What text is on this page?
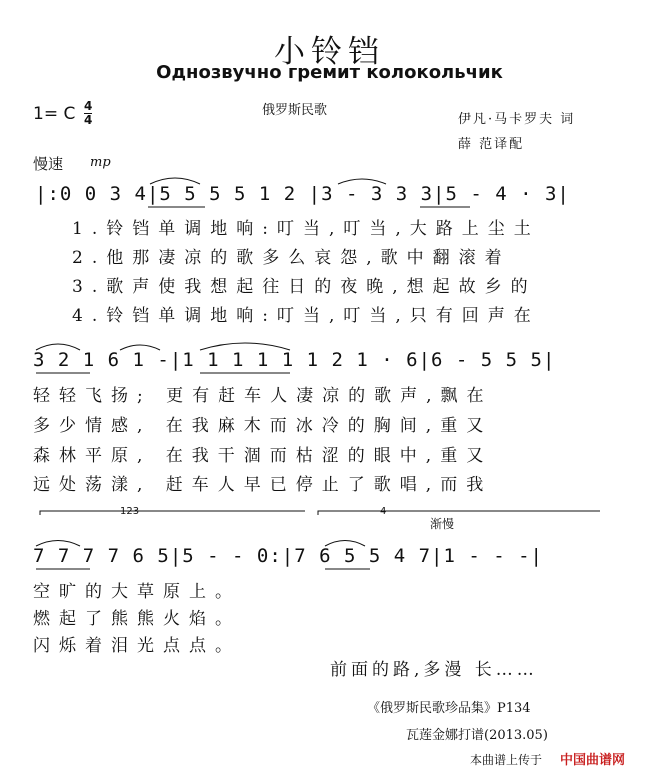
小铃铛
Однозвучно гремит колокольчик
俄罗斯民歌
伊凡·马卡罗夫 词
薛 范译配
1= C 4
4
慢速 mp
|:0 0 3 4|5 5 5 5 1 2 |3 - 3 3 3|5 - 4 · 3|
1.铃铛单调地响:叮当,叮当,大路上尘土
2.他那凄凉的歌多么哀怨,歌中翻滚着
3.歌声使我想起往日的夜晚,想起故乡的
4.铃铛单调地响:叮当,叮当,只有回声在
3 2 1 6 1 -|1 1 1 1 1 1 2 1 · 6|6 - 5 5 5|
轻轻飞扬; 更有赶车人凄凉的歌声,飘在
多少情感, 在我麻木而冰冷的胸间,重又
森林平原, 在我干涸而枯涩的眼中,重又
远处荡漾, 赶车人早已停止了歌唱,而我
123	4
渐慢
7 7 7 7 6 5|5 - - 0:|7 6 5 5 4 7|1 - - -|
空旷的大草原上。
燃起了熊熊火焰。
闪烁着泪光点点。
前面的路,多漫 长……
《俄罗斯民歌珍品集》P134
瓦莲金娜打谱(2013.05)
本曲谱上传于 中国曲谱网
